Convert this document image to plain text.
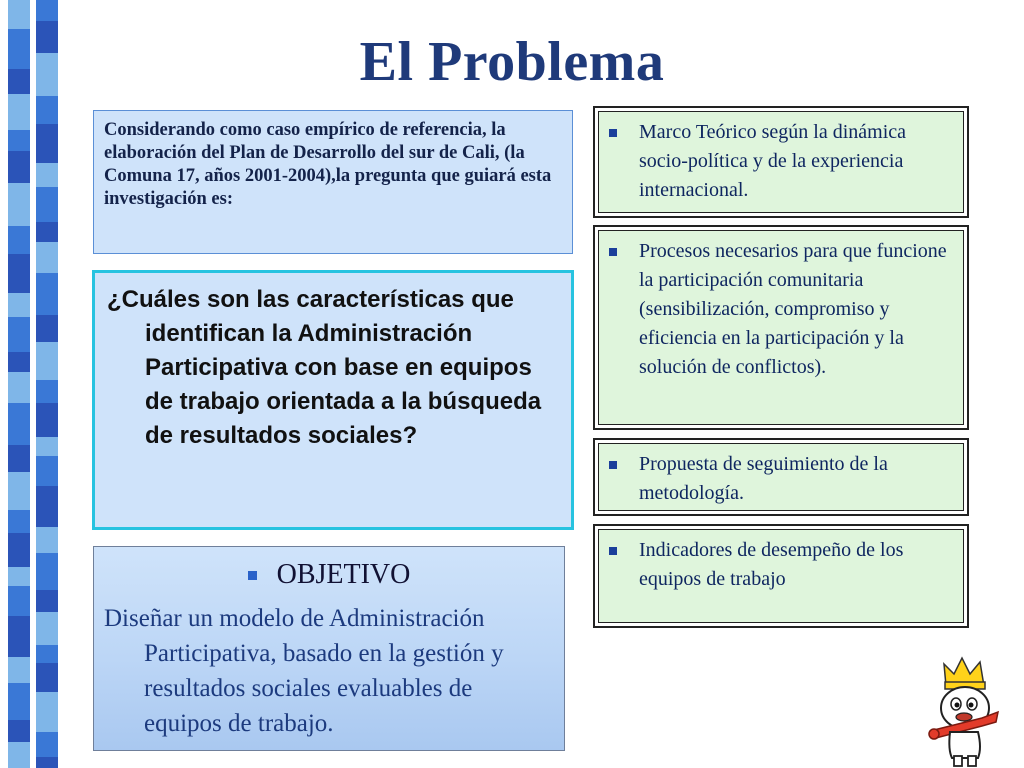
El Problema

Considerando como caso empírico de referencia, la elaboración del Plan de Desarrollo del sur de Cali, (la Comuna 17, años 2001-2004),la pregunta que guiará esta investigación es:

¿Cuáles son las características que identifican la Administración Participativa con base en equipos de trabajo orientada a la búsqueda de resultados sociales?

OBJETIVO

Diseñar un modelo de Administración Participativa, basado en la gestión y resultados sociales evaluables de equipos de trabajo.

Marco Teórico según la dinámica socio-política y de la experiencia internacional.

Procesos necesarios para que funcione la participación comunitaria (sensibilización, compromiso y eficiencia en la participación y la solución de conflictos).

Propuesta de seguimiento de la metodología.

Indicadores de desempeño de los equipos de trabajo
